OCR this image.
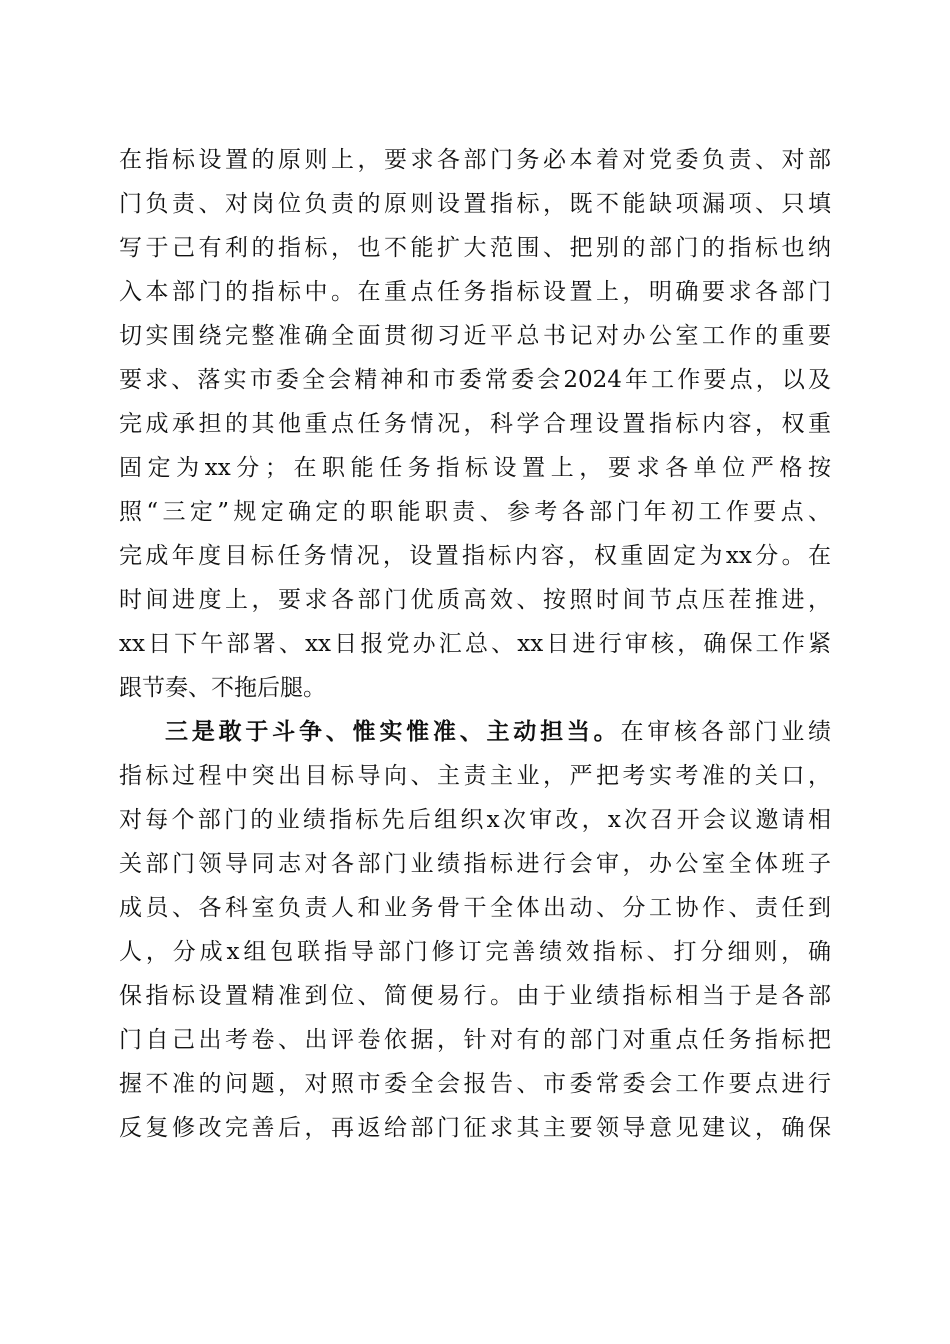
在指标设置的原则上，要求各部门务必本着对党委负责、对部
门负责、对岗位负责的原则设置指标，既不能缺项漏项、只填
写于己有利的指标，也不能扩大范围、把别的部门的指标也纳
入本部门的指标中。在重点任务指标设置上，明确要求各部门
切实围绕完整准确全面贯彻习近平总书记对办公室工作的重要
要求、落实市委全会精神和市委常委会2024年工作要点，以及
完成承担的其他重点任务情况，科学合理设置指标内容，权重
固定为xx分；在职能任务指标设置上，要求各单位严格按
照“三定”规定确定的职能职责、参考各部门年初工作要点、
完成年度目标任务情况，设置指标内容，权重固定为xx分。在
时间进度上，要求各部门优质高效、按照时间节点压茬推进，
xx日下午部署、xx日报党办汇总、xx日进行审核，确保工作紧
跟节奏、不拖后腿。
三是敢于斗争、惟实惟准、主动担当。在审核各部门业绩
指标过程中突出目标导向、主责主业，严把考实考准的关口，
对每个部门的业绩指标先后组织x次审改，x次召开会议邀请相
关部门领导同志对各部门业绩指标进行会审，办公室全体班子
成员、各科室负责人和业务骨干全体出动、分工协作、责任到
人，分成x组包联指导部门修订完善绩效指标、打分细则，确
保指标设置精准到位、简便易行。由于业绩指标相当于是各部
门自己出考卷、出评卷依据，针对有的部门对重点任务指标把
握不准的问题，对照市委全会报告、市委常委会工作要点进行
反复修改完善后，再返给部门征求其主要领导意见建议，确保
